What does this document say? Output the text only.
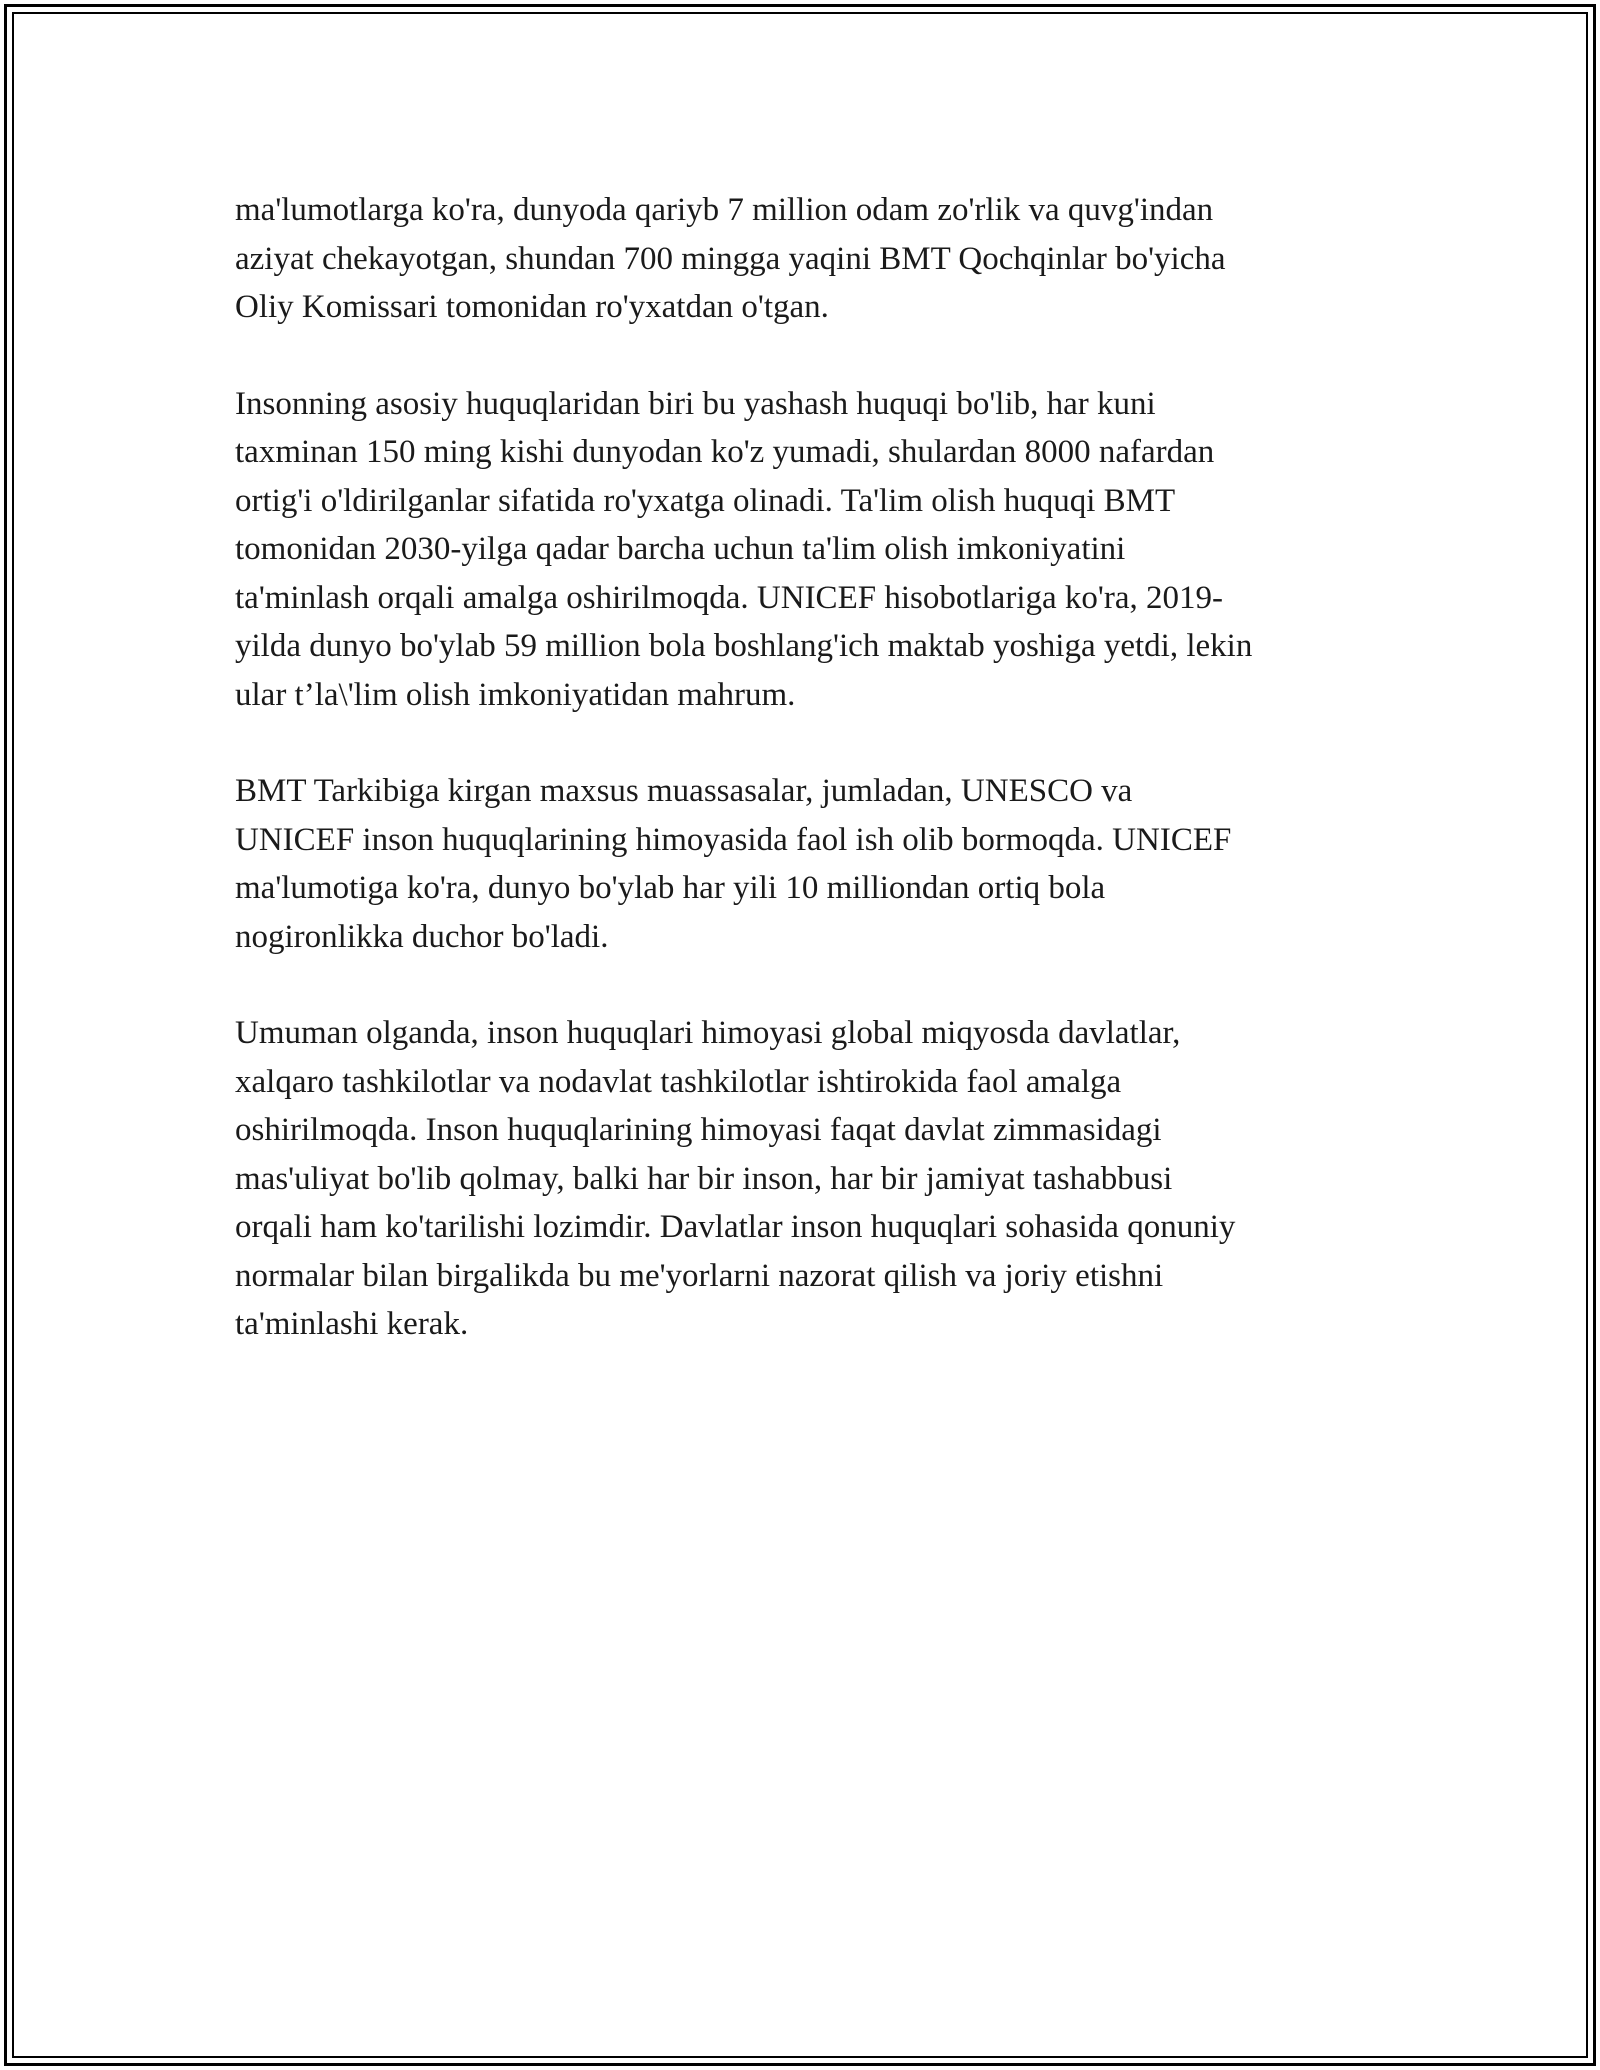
ma'lumotlarga ko'ra, dunyoda qariyb 7 million odam zo'rlik va quvg'indan
aziyat chekayotgan, shundan 700 mingga yaqini BMT Qochqinlar bo'yicha
Oliy Komissari tomonidan ro'yxatdan o'tgan.

Insonning asosiy huquqlaridan biri bu yashash huquqi bo'lib, har kuni
taxminan 150 ming kishi dunyodan ko'z yumadi, shulardan 8000 nafardan
ortig'i o'ldirilganlar sifatida ro'yxatga olinadi. Ta'lim olish huquqi BMT
tomonidan 2030-yilga qadar barcha uchun ta'lim olish imkoniyatini
ta'minlash orqali amalga oshirilmoqda. UNICEF hisobotlariga ko'ra, 2019-
yilda dunyo bo'ylab 59 million bola boshlang'ich maktab yoshiga yetdi, lekin
ular t’la\'lim olish imkoniyatidan mahrum.

BMT Tarkibiga kirgan maxsus muassasalar, jumladan, UNESCO va
UNICEF inson huquqlarining himoyasida faol ish olib bormoqda. UNICEF
ma'lumotiga ko'ra, dunyo bo'ylab har yili 10 milliondan ortiq bola
nogironlikka duchor bo'ladi.

Umuman olganda, inson huquqlari himoyasi global miqyosda davlatlar,
xalqaro tashkilotlar va nodavlat tashkilotlar ishtirokida faol amalga
oshirilmoqda. Inson huquqlarining himoyasi faqat davlat zimmasidagi
mas'uliyat bo'lib qolmay, balki har bir inson, har bir jamiyat tashabbusi
orqali ham ko'tarilishi lozimdir. Davlatlar inson huquqlari sohasida qonuniy
normalar bilan birgalikda bu me'yorlarni nazorat qilish va joriy etishni
ta'minlashi kerak.
